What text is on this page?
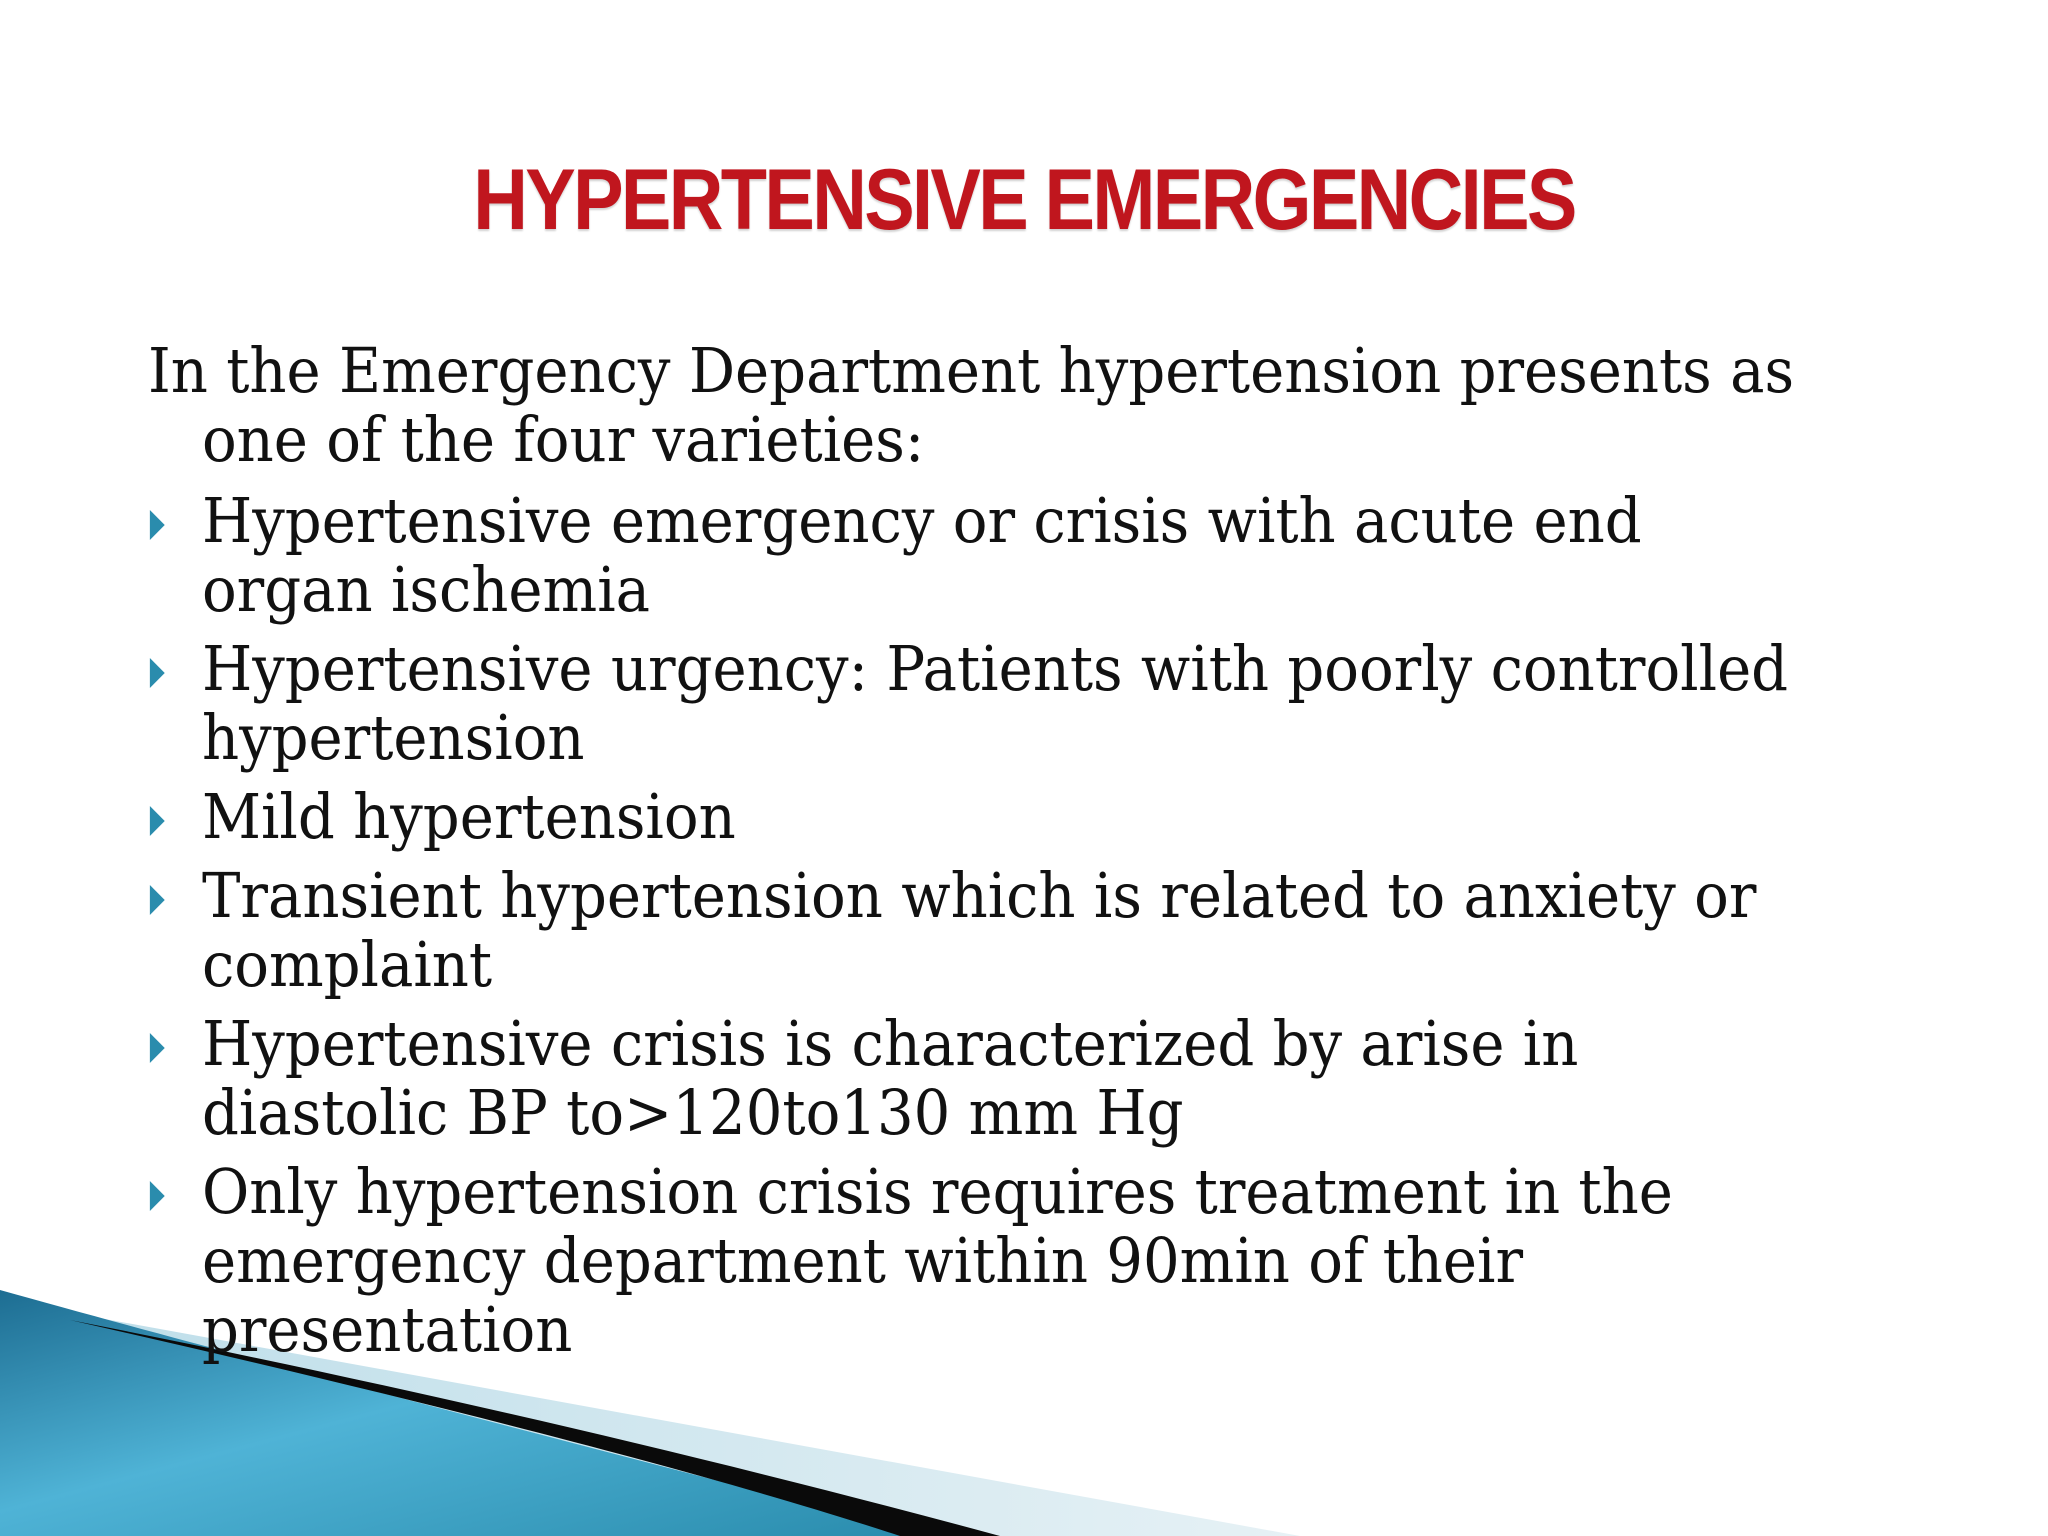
HYPERTENSIVE EMERGENCIES

In the Emergency Department hypertension presents as one of the four varieties:

Hypertensive emergency or crisis with acute end organ ischemia
Hypertensive urgency: Patients with poorly controlled hypertension
Mild hypertension
Transient hypertension which is related to anxiety or complaint
Hypertensive crisis is characterized by arise in diastolic BP to>120to130 mm Hg
Only hypertension crisis requires treatment in the emergency department within 90min of their presentation
